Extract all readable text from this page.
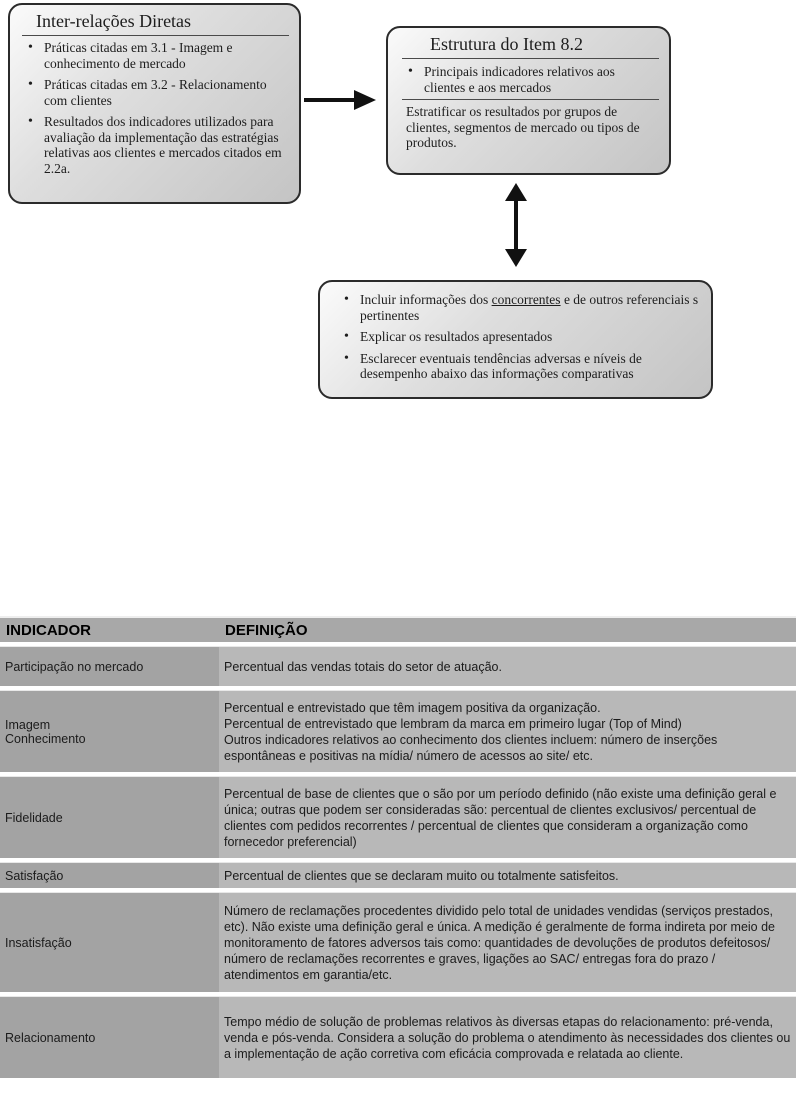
Inter-relações Diretas
• Práticas citadas em 3.1 - Imagem e conhecimento de mercado
• Práticas citadas em 3.2 - Relacionamento com clientes
• Resultados dos indicadores utilizados para avaliação da implementação das estratégias relativas aos clientes e mercados citados em 2.2a.
Estrutura do Item 8.2
• Principais indicadores relativos aos clientes e aos mercados
Estratificar os resultados por grupos de clientes, segmentos de mercado ou tipos de produtos.
• Incluir informações dos concorrentes e de outros referenciais s pertinentes
• Explicar os resultados apresentados
• Esclarecer eventuais tendências adversas e níveis de desempenho abaixo das informações comparativas
INDICADOR	DEFINIÇÃO
Participação no mercado	Percentual das vendas totais do setor de atuação.
Imagem
Conhecimento	Percentual e entrevistado que têm imagem positiva da organização.
Percentual de entrevistado que lembram da marca em primeiro lugar (Top of Mind)
Outros indicadores relativos ao conhecimento dos clientes incluem: número de inserções espontâneas e positivas na mídia/ número de acessos ao site/ etc.
Fidelidade	Percentual de base de clientes que o são por um período definido (não existe uma definição geral e única; outras que podem ser consideradas são: percentual de clientes exclusivos/ percentual de clientes com pedidos recorrentes / percentual de clientes que consideram a organização como fornecedor preferencial)
Satisfação	Percentual de clientes que se declaram muito ou totalmente satisfeitos.
Insatisfação	Número de reclamações procedentes dividido pelo total de unidades vendidas (serviços prestados, etc). Não existe uma definição geral e única. A medição é geralmente de forma indireta por meio de monitoramento de fatores adversos tais como: quantidades de devoluções de produtos defeitosos/ número de reclamações recorrentes e graves, ligações ao SAC/ entregas fora do prazo / atendimentos em garantia/etc.
Relacionamento	Tempo médio de solução de problemas relativos às diversas etapas do relacionamento: pré-venda, venda e pós-venda. Considera a solução do problema o atendimento às necessidades dos clientes ou a implementação de ação corretiva com eficácia comprovada e relatada ao cliente.
